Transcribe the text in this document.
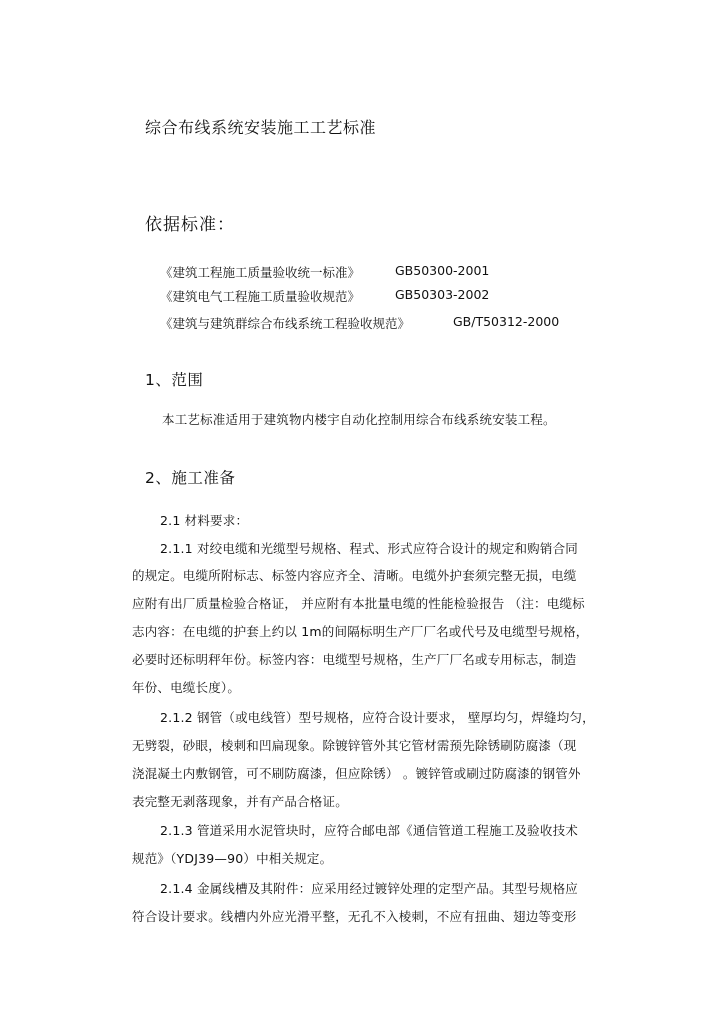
综合布线系统安装施工工艺标准
依据标准：
《建筑工程施工质量验收统一标准》	GB50300-2001
《建筑电气工程施工质量验收规范》	GB50303-2002
《建筑与建筑群综合布线系统工程验收规范》	GB/T50312-2000
1、范围

本工艺标准适用于建筑物内楼宇自动化控制用综合布线系统安装工程。

2、施工准备

2.1 材料要求：

2.1.1 对绞电缆和光缆型号规格、程式、形式应符合设计的规定和购销合同

的规定。电缆所附标志、标签内容应齐全、清晰。电缆外护套须完整无损，电缆

应附有出厂质量检验合格证， 并应附有本批量电缆的性能检验报告 （注：电缆标

志内容：在电缆的护套上约以 1m的间隔标明生产厂厂名或代号及电缆型号规格，

必要时还标明秤年份。标签内容：电缆型号规格，生产厂厂名或专用标志，制造

年份、电缆长度）。

2.1.2 钢管（或电线管）型号规格，应符合设计要求， 壁厚均匀，焊缝均匀，

无劈裂，砂眼，棱刺和凹扁现象。除镀锌管外其它管材需预先除锈刷防腐漆（现

浇混凝土内敷钢管，可不刷防腐漆，但应除锈） 。镀锌管或刷过防腐漆的钢管外

表完整无剥落现象，并有产品合格证。

2.1.3 管道采用水泥管块时，应符合邮电部《通信管道工程施工及验收技术

规范》（YDJ39—90）中相关规定。

2.1.4 金属线槽及其附件：应采用经过镀锌处理的定型产品。其型号规格应

符合设计要求。线槽内外应光滑平整，无孔不入棱刺，不应有扭曲、翅边等变形
